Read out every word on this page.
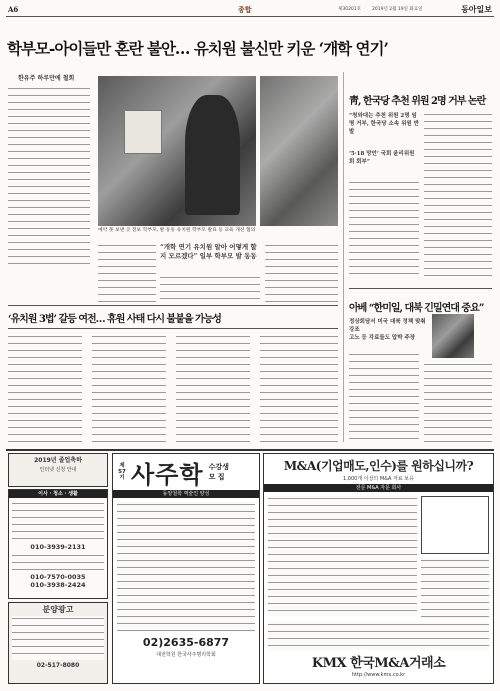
A6	종합	제30201호 2019년 2월 19일 화요일	동아일보
학부모-아이들만 혼란 불안… 유치원 불신만 키운 ‘개학 연기’
한유주 하루만에 철회
예약 못 보낸 곳 전보 학부모, 발 동동 유치원 학부모 발표 등 교육 개선 협의
“개학 연기 유치원 알아 어떻게 할지 모르겠다” 일부 학부모 발 동동
‘유치원 3법’ 갈등 여전… 휴원 사태 다시 불붙을 가능성
靑, 한국당 추천 위원 2명 거부 논란
“청와대는 추천 위원 2명 임명 거부, 한국당 소속 위원 반발
‘5·18 망언’ 국회 윤리위원회 회부”
아베 “한미일, 대북 긴밀연대 중요”
정상회담서 미국 대북 정책 맞춰 강조
고노 등 각료들도 압박 주장
2019년 졸업축하
인터넷 신청 안내
이사 · 청소 · 생활
010-3939-2131
010-7570-0035
010-3938-2424
분양광고
02-517-8080
제 57기 사주학 수강생
모 집
동양철학 역술인 양성
02)2635-6877
대전학원 한국사주명리학회
M&A(기업매도,인수)를 원하십니까?
1,000개 이상의 M&A 자료 보유
전문 M&A 자문 회사
KMX 한국M&A거래소
http://www.kmx.co.kr
